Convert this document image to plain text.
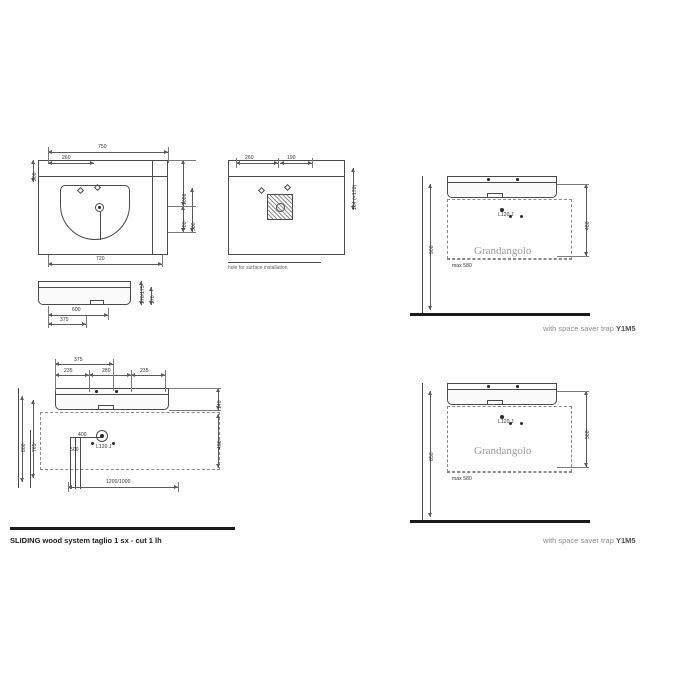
750
260
200
1006
480 500
720
260	190
184 (+170)
hole for surface installation
170/175 170
600
375
L120 J
800 765
400
500
375
235	280	235
140
400
1200/1000
SLIDING wood system taglio 1 sx - cut 1 lh
L120 J
Grandangolo
max 580
900
480
with space saver trap Y1M5
L120 J
Grandangolo
max 580
850
560
with space saver trap Y1M5
